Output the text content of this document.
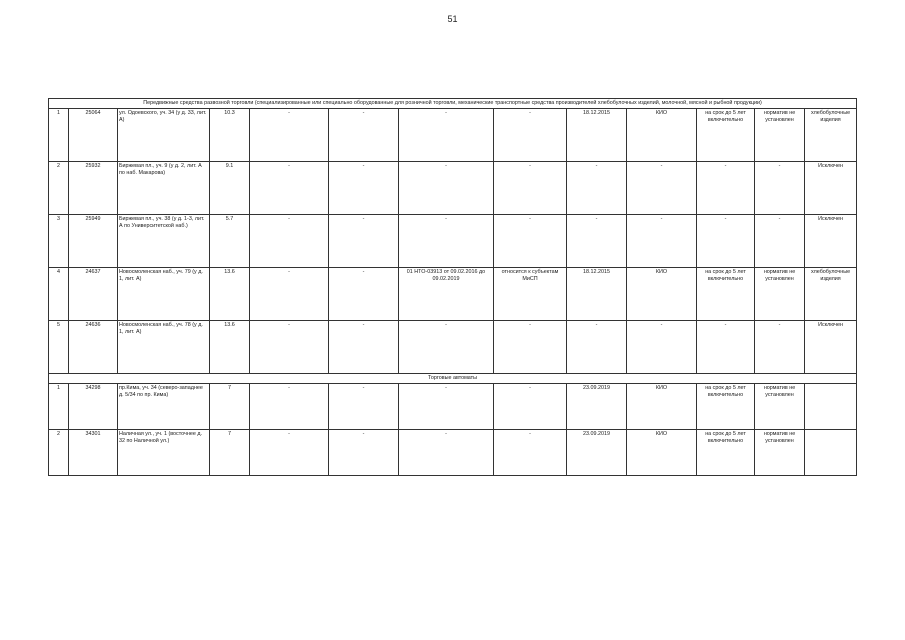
51
Передвижные средства развозной торговли (специализированные или специально оборудованные для розничной торговли, механические транспортные средства производителей хлебобулочных изделий, молочной, мясной и рыбной продукции)												
1	25064	ул. Одоевского, уч. 34 (у д. 33, лит. А)	10.3	-	-	-	-	18.12.2015	КИО	на срок до 5 лет включительно	норматив не установлен	хлебобулочные изделия
2	25932	Биржевая пл., уч. 9 (у д. 2, лит. А по наб. Макарова)	9.1	-	-	-	-	-	-	-	-	Исключен
3	25949	Биржевая пл., уч. 38 (у д. 1-3, лит. А по Университетской наб.)	5.7	-	-	-	-	-	-	-	-	Исключен
4	24637	Новосмоленская наб., уч. 79 (у д. 1, лит. А)	13.6	-	-	01 НТО-03913 от 09.02.2016 до 09.02.2019	относится к субъектам МиСП	18.12.2015	КИО	на срок до 5 лет включительно	норматив не установлен	хлебобулочные изделия
5	24636	Новосмоленская наб., уч. 78 (у д. 1, лит. А)	13.6	-	-	-	-	-	-	-	-	Исключен
Торговые автоматы												
1	34298	пр.Кима, уч. 34 (северо-западнее д. 5/34 по пр. Кима)	7	-	-	-	-	23.09.2019	КИО	на срок до 5 лет включительно	норматив не установлен	
2	34301	Наличная ул., уч. 1 (восточнее д. 32 по Наличной ул.)	7	-	-	-	-	23.09.2019	КИО	на срок до 5 лет включительно	норматив не установлен	
